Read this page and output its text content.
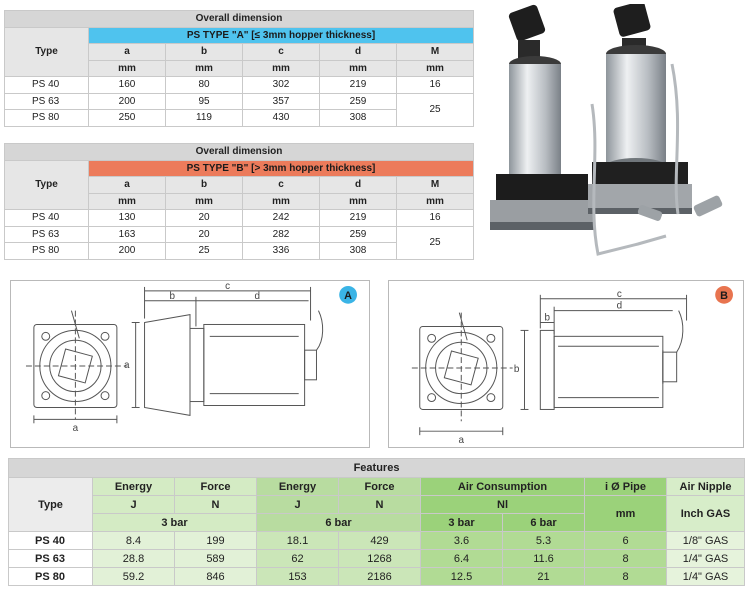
Overall dimension					
Type	PS TYPE "A" [≤ 3mm hopper thickness]				
	a	b	c	d	M
	mm	mm	mm	mm	mm
PS 40	160	80	302	219	16
PS 63	200	95	357	259	25
PS 80	250	119	430	308	
Overall dimension					
Type	PS TYPE "B" [> 3mm hopper thickness]				
	a	b	c	d	M
	mm	mm	mm	mm	mm
PS 40	130	20	242	219	16
PS 63	163	20	282	259	25
PS 80	200	25	336	308	
a
a
b
c
d	A
a
b
b
c
d
B
Features								
Type	Energy	Force	Energy	Force	Air Consumption		i Ø Pipe	Air Nipple
	J	N	J	N	Nl		mm	Inch GAS
	3 bar		6 bar		3 bar	6 bar		
PS 40	8.4	199	18.1	429	3.6	5.3	6	1/8" GAS
PS 63	28.8	589	62	1268	6.4	11.6	8	1/4" GAS
PS 80	59.2	846	153	2186	12.5	21	8	1/4" GAS
